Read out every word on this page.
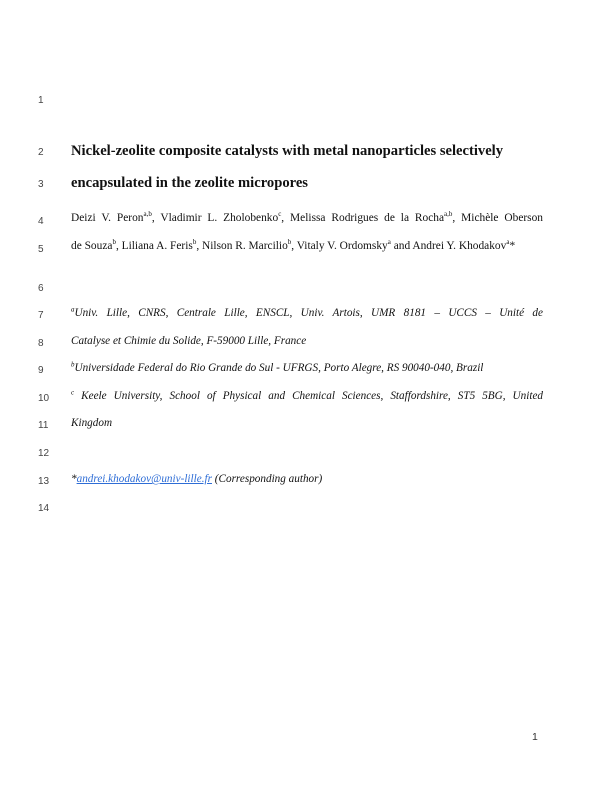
1
2
3
4
5
6
7
8
9
10
11
12
13
14
Nickel-zeolite composite catalysts with metal nanoparticles selectively
encapsulated in the zeolite micropores
Deizi V. Peron$^{a,b}$, Vladimir L. Zholobenko$^c$, Melissa Rodrigues de la Rocha$^{a,b}$, Michèle Oberson
de Souza$^b$, Liliana A. Feris$^b$, Nilson R. Marcilio$^b$, Vitaly V. Ordomsky$^a$ and Andrei Y. Khodakov$^a$*
$^a$Univ. Lille, CNRS, Centrale Lille, ENSCL, Univ. Artois, UMR 8181 – UCCS – Unité de
Catalyse et Chimie du Solide, F-59000 Lille, France
$^b$Universidade Federal do Rio Grande do Sul - UFRGS, Porto Alegre, RS 90040-040, Brazil
$^c$ Keele University, School of Physical and Chemical Sciences, Staffordshire, ST5 5BG, United
Kingdom
*andrei.khodakov@univ-lille.fr (Corresponding author)
1
